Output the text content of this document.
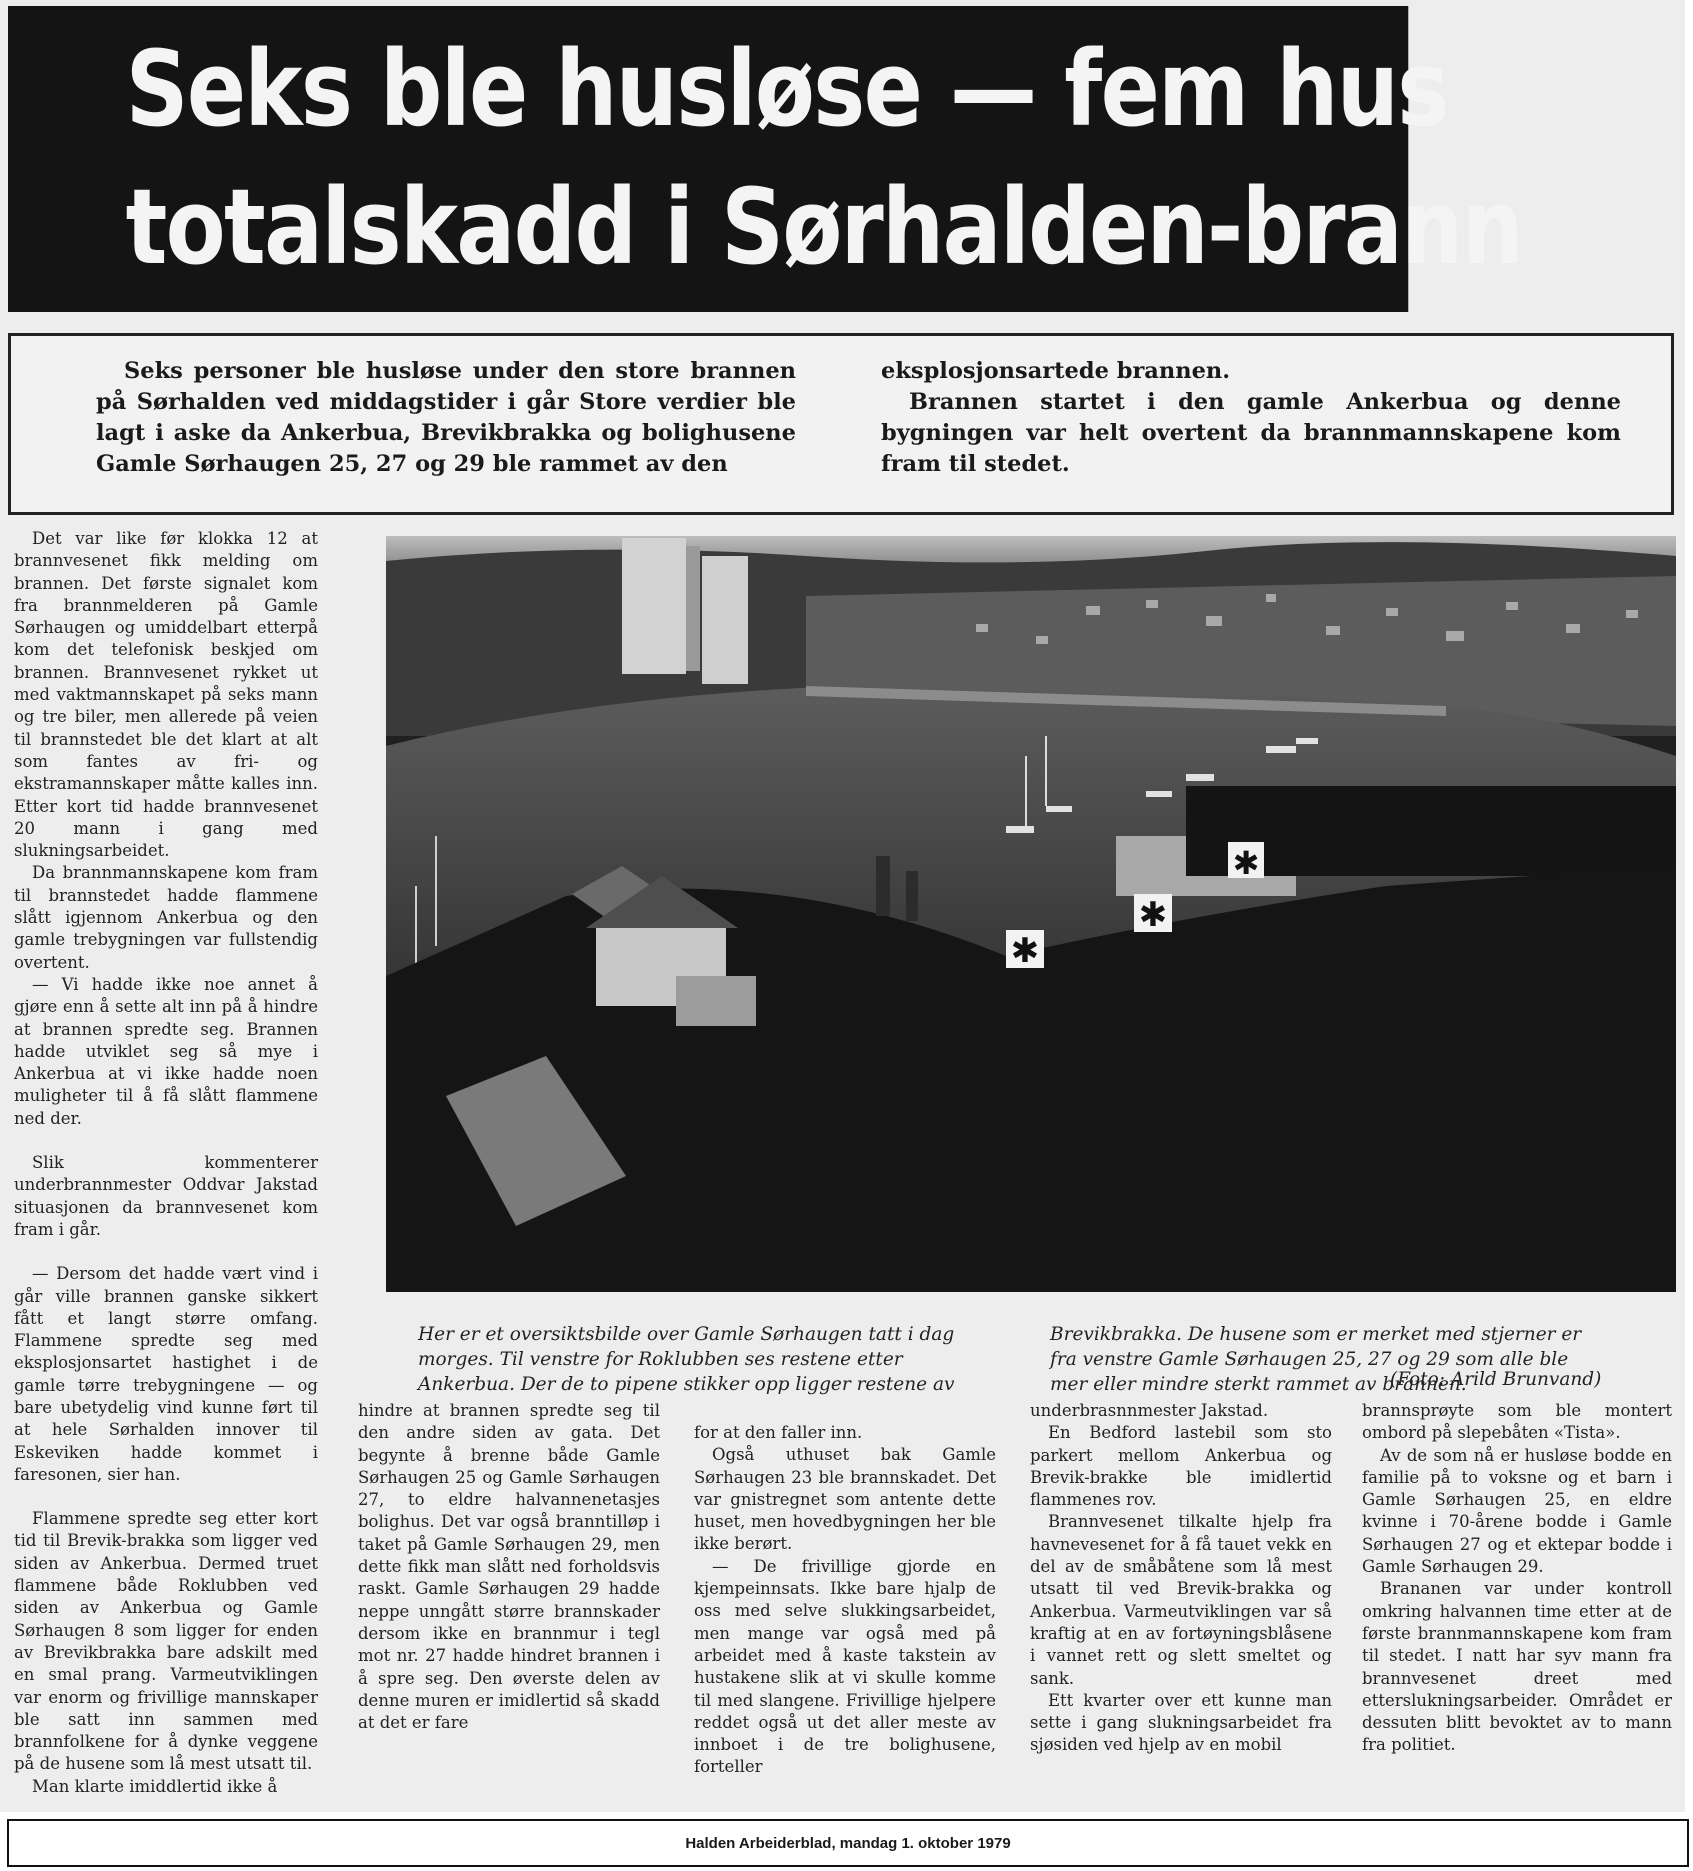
Seks ble husløse — fem hus
totalskadd i Sørhalden-brann

Seks personer ble husløse under den store brannen på Sørhalden ved middagstider i går Store verdier ble lagt i aske da Ankerbua, Brevikbrakka og bolighusene Gamle Sørhaugen 25, 27 og 29 ble rammet av den

eksplosjonsartede brannen.

Brannen startet i den gamle Ankerbua og denne bygningen var helt overtent da brannmannskapene kom fram til stedet.

Det var like før klokka 12 at brannvesenet fikk melding om brannen. Det første signalet kom fra brannmelderen på Gamle Sørhaugen og umiddelbart etterpå kom det telefonisk beskjed om brannen. Brannvesenet rykket ut med vaktmannskapet på seks mann og tre biler, men allerede på veien til brannstedet ble det klart at alt som fantes av fri- og ekstramannskaper måtte kalles inn. Etter kort tid hadde brannvesenet 20 mann i gang med slukningsarbeidet.

Da brannmannskapene kom fram til brannstedet hadde flammene slått igjennom Ankerbua og den gamle trebygningen var fullstendig overtent.

— Vi hadde ikke noe annet å gjøre enn å sette alt inn på å hindre at brannen spredte seg. Brannen hadde utviklet seg så mye i Ankerbua at vi ikke hadde noen muligheter til å få slått flammene ned der.

Slik kommenterer underbrannmester Oddvar Jakstad situasjonen da brannvesenet kom fram i går.

— Dersom det hadde vært vind i går ville brannen ganske sikkert fått et langt større omfang. Flammene spredte seg med eksplosjonsartet hastighet i de gamle tørre trebygningene — og bare ubetydelig vind kunne ført til at hele Sørhalden innover til Eskeviken hadde kommet i faresonen, sier han.

Flammene spredte seg etter kort tid til Brevik-brakka som ligger ved siden av Ankerbua. Dermed truet flammene både Roklubben ved siden av Ankerbua og Gamle Sørhaugen 8 som ligger for enden av Brevikbrakka bare adskilt med en smal prang. Varmeutviklingen var enorm og frivillige mannskaper ble satt inn sammen med brannfolkene for å dynke veggene på de husene som lå mest utsatt til.

Man klarte imiddlertid ikke å

✱
✱
✱
Her er et oversiktsbilde over Gamle Sørhaugen tatt i dag morges. Til venstre for Roklubben ses restene etter Ankerbua. Der de to pipene stikker opp ligger restene av
Brevikbrakka. De husene som er merket med stjerner er fra venstre Gamle Sørhaugen 25, 27 og 29 som alle ble mer eller mindre sterkt rammet av brannen.
(Foto: Arild Brunvand)

hindre at brannen spredte seg til den andre siden av gata. Det begynte å brenne både Gamle Sørhaugen 25 og Gamle Sørhaugen 27, to eldre halvannenetasjes bolighus. Det var også branntilløp i taket på Gamle Sørhaugen 29, men dette fikk man slått ned forholdsvis raskt. Gamle Sørhaugen 29 hadde neppe unngått større brannskader dersom ikke en brannmur i tegl mot nr. 27 hadde hindret brannen i å spre seg. Den øverste delen av denne muren er imidlertid så skadd at det er fare

for at den faller inn.

Også uthuset bak Gamle Sørhaugen 23 ble brannskadet. Det var gnistregnet som antente dette huset, men hovedbygningen her ble ikke berørt.

— De frivillige gjorde en kjempeinnsats. Ikke bare hjalp de oss med selve slukkingsarbeidet, men mange var også med på arbeidet med å kaste takstein av hustakene slik at vi skulle komme til med slangene. Frivillige hjelpere reddet også ut det aller meste av innboet i de tre bolighusene, forteller

underbrasnnmester Jakstad.

En Bedford lastebil som sto parkert mellom Ankerbua og Brevik-brakke ble imidlertid flammenes rov.

Brannvesenet tilkalte hjelp fra havnevesenet for å få tauet vekk en del av de småbåtene som lå mest utsatt til ved Brevik-brakka og Ankerbua. Varmeutviklingen var så kraftig at en av fortøyningsblåsene i vannet rett og slett smeltet og sank.

Ett kvarter over ett kunne man sette i gang slukningsarbeidet fra sjøsiden ved hjelp av en mobil

brannsprøyte som ble montert ombord på slepebåten «Tista».

Av de som nå er husløse bodde en familie på to voksne og et barn i Gamle Sørhaugen 25, en eldre kvinne i 70-årene bodde i Gamle Sørhaugen 27 og et ektepar bodde i Gamle Sørhaugen 29.

Brananen var under kontroll omkring halvannen time etter at de første brannmannskapene kom fram til stedet. I natt har syv mann fra brannvesenet dreet med etterslukningsarbeider. Området er dessuten blitt bevoktet av to mann fra politiet.

Halden Arbeiderblad, mandag 1. oktober 1979
